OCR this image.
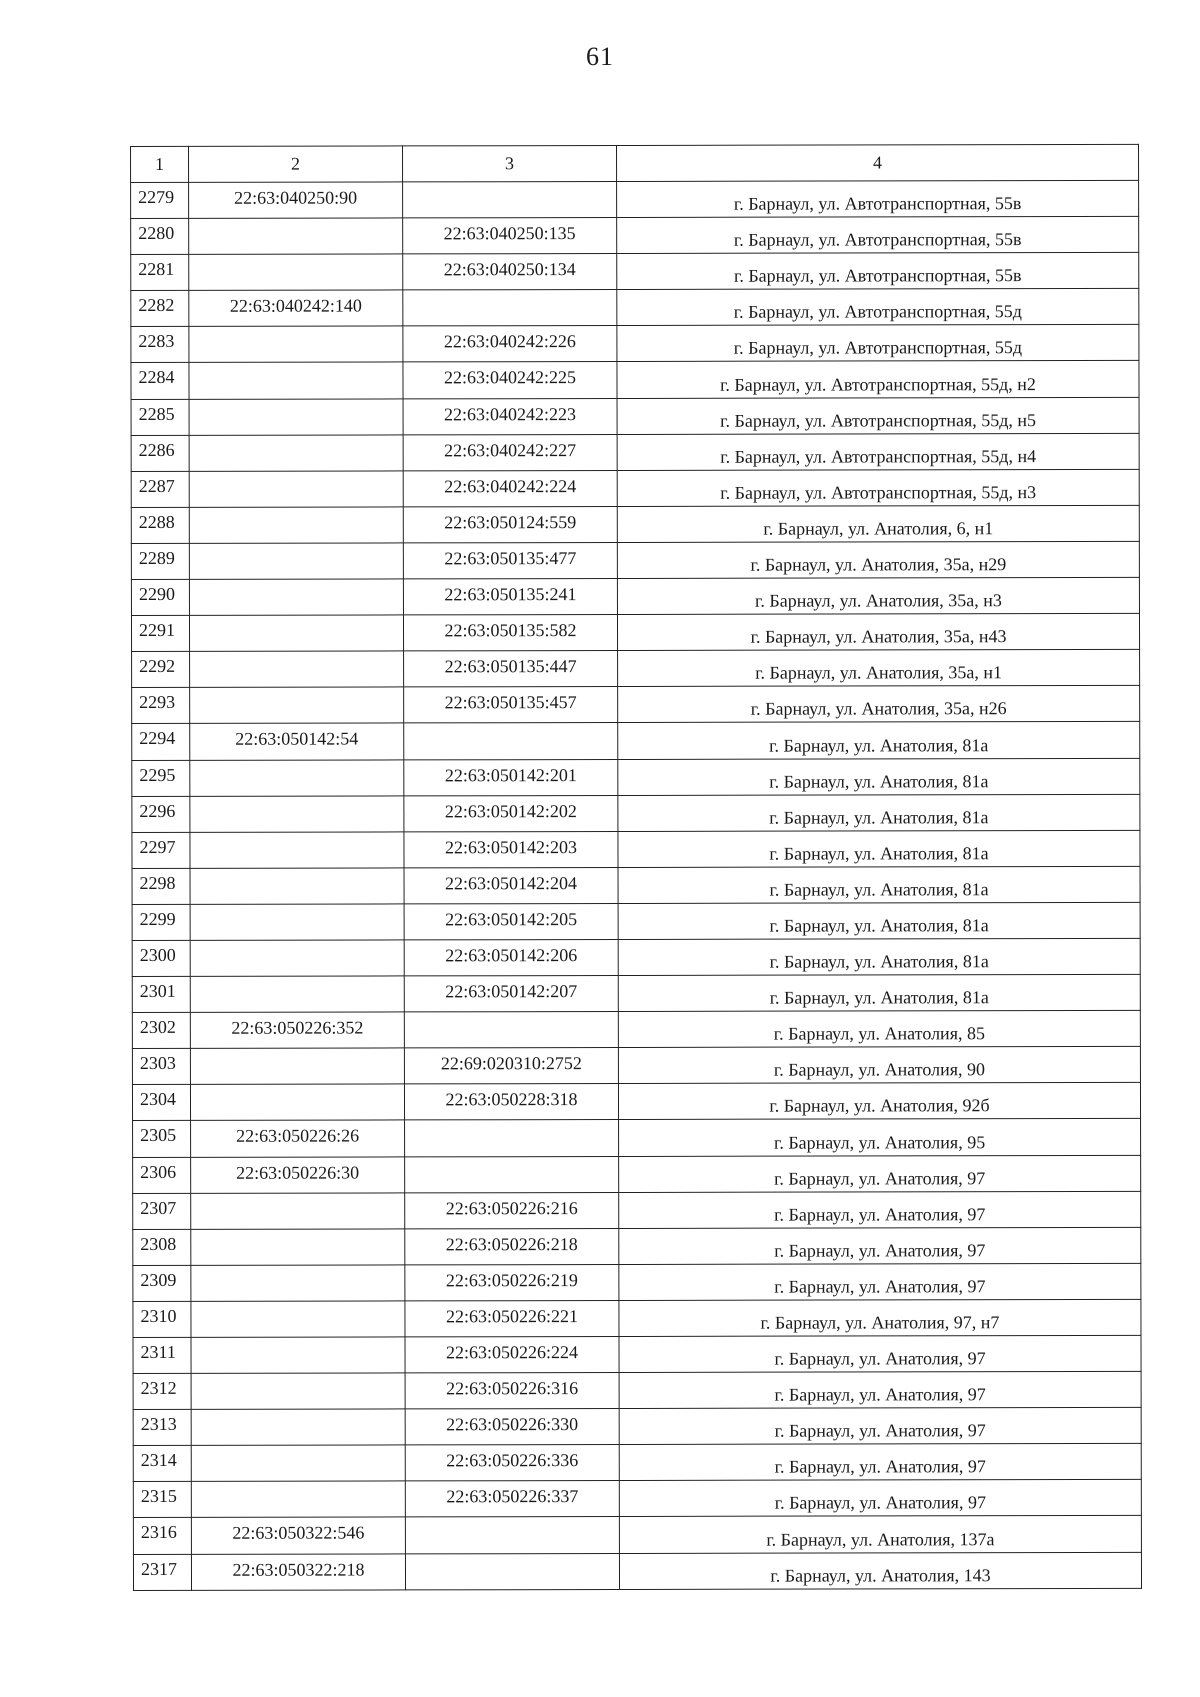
61
1	2	3	4
2279	22:63:040250:90		г. Барнаул, ул. Автотранспортная, 55в
2280		22:63:040250:135	г. Барнаул, ул. Автотранспортная, 55в
2281		22:63:040250:134	г. Барнаул, ул. Автотранспортная, 55в
2282	22:63:040242:140		г. Барнаул, ул. Автотранспортная, 55д
2283		22:63:040242:226	г. Барнаул, ул. Автотранспортная, 55д
2284		22:63:040242:225	г. Барнаул, ул. Автотранспортная, 55д, н2
2285		22:63:040242:223	г. Барнаул, ул. Автотранспортная, 55д, н5
2286		22:63:040242:227	г. Барнаул, ул. Автотранспортная, 55д, н4
2287		22:63:040242:224	г. Барнаул, ул. Автотранспортная, 55д, н3
2288		22:63:050124:559	г. Барнаул, ул. Анатолия, 6, н1
2289		22:63:050135:477	г. Барнаул, ул. Анатолия, 35а, н29
2290		22:63:050135:241	г. Барнаул, ул. Анатолия, 35а, н3
2291		22:63:050135:582	г. Барнаул, ул. Анатолия, 35а, н43
2292		22:63:050135:447	г. Барнаул, ул. Анатолия, 35а, н1
2293		22:63:050135:457	г. Барнаул, ул. Анатолия, 35а, н26
2294	22:63:050142:54		г. Барнаул, ул. Анатолия, 81а
2295		22:63:050142:201	г. Барнаул, ул. Анатолия, 81а
2296		22:63:050142:202	г. Барнаул, ул. Анатолия, 81а
2297		22:63:050142:203	г. Барнаул, ул. Анатолия, 81а
2298		22:63:050142:204	г. Барнаул, ул. Анатолия, 81а
2299		22:63:050142:205	г. Барнаул, ул. Анатолия, 81а
2300		22:63:050142:206	г. Барнаул, ул. Анатолия, 81а
2301		22:63:050142:207	г. Барнаул, ул. Анатолия, 81а
2302	22:63:050226:352		г. Барнаул, ул. Анатолия, 85
2303		22:69:020310:2752	г. Барнаул, ул. Анатолия, 90
2304		22:63:050228:318	г. Барнаул, ул. Анатолия, 92б
2305	22:63:050226:26		г. Барнаул, ул. Анатолия, 95
2306	22:63:050226:30		г. Барнаул, ул. Анатолия, 97
2307		22:63:050226:216	г. Барнаул, ул. Анатолия, 97
2308		22:63:050226:218	г. Барнаул, ул. Анатолия, 97
2309		22:63:050226:219	г. Барнаул, ул. Анатолия, 97
2310		22:63:050226:221	г. Барнаул, ул. Анатолия, 97, н7
2311		22:63:050226:224	г. Барнаул, ул. Анатолия, 97
2312		22:63:050226:316	г. Барнаул, ул. Анатолия, 97
2313		22:63:050226:330	г. Барнаул, ул. Анатолия, 97
2314		22:63:050226:336	г. Барнаул, ул. Анатолия, 97
2315		22:63:050226:337	г. Барнаул, ул. Анатолия, 97
2316	22:63:050322:546		г. Барнаул, ул. Анатолия, 137а
2317	22:63:050322:218		г. Барнаул, ул. Анатолия, 143
